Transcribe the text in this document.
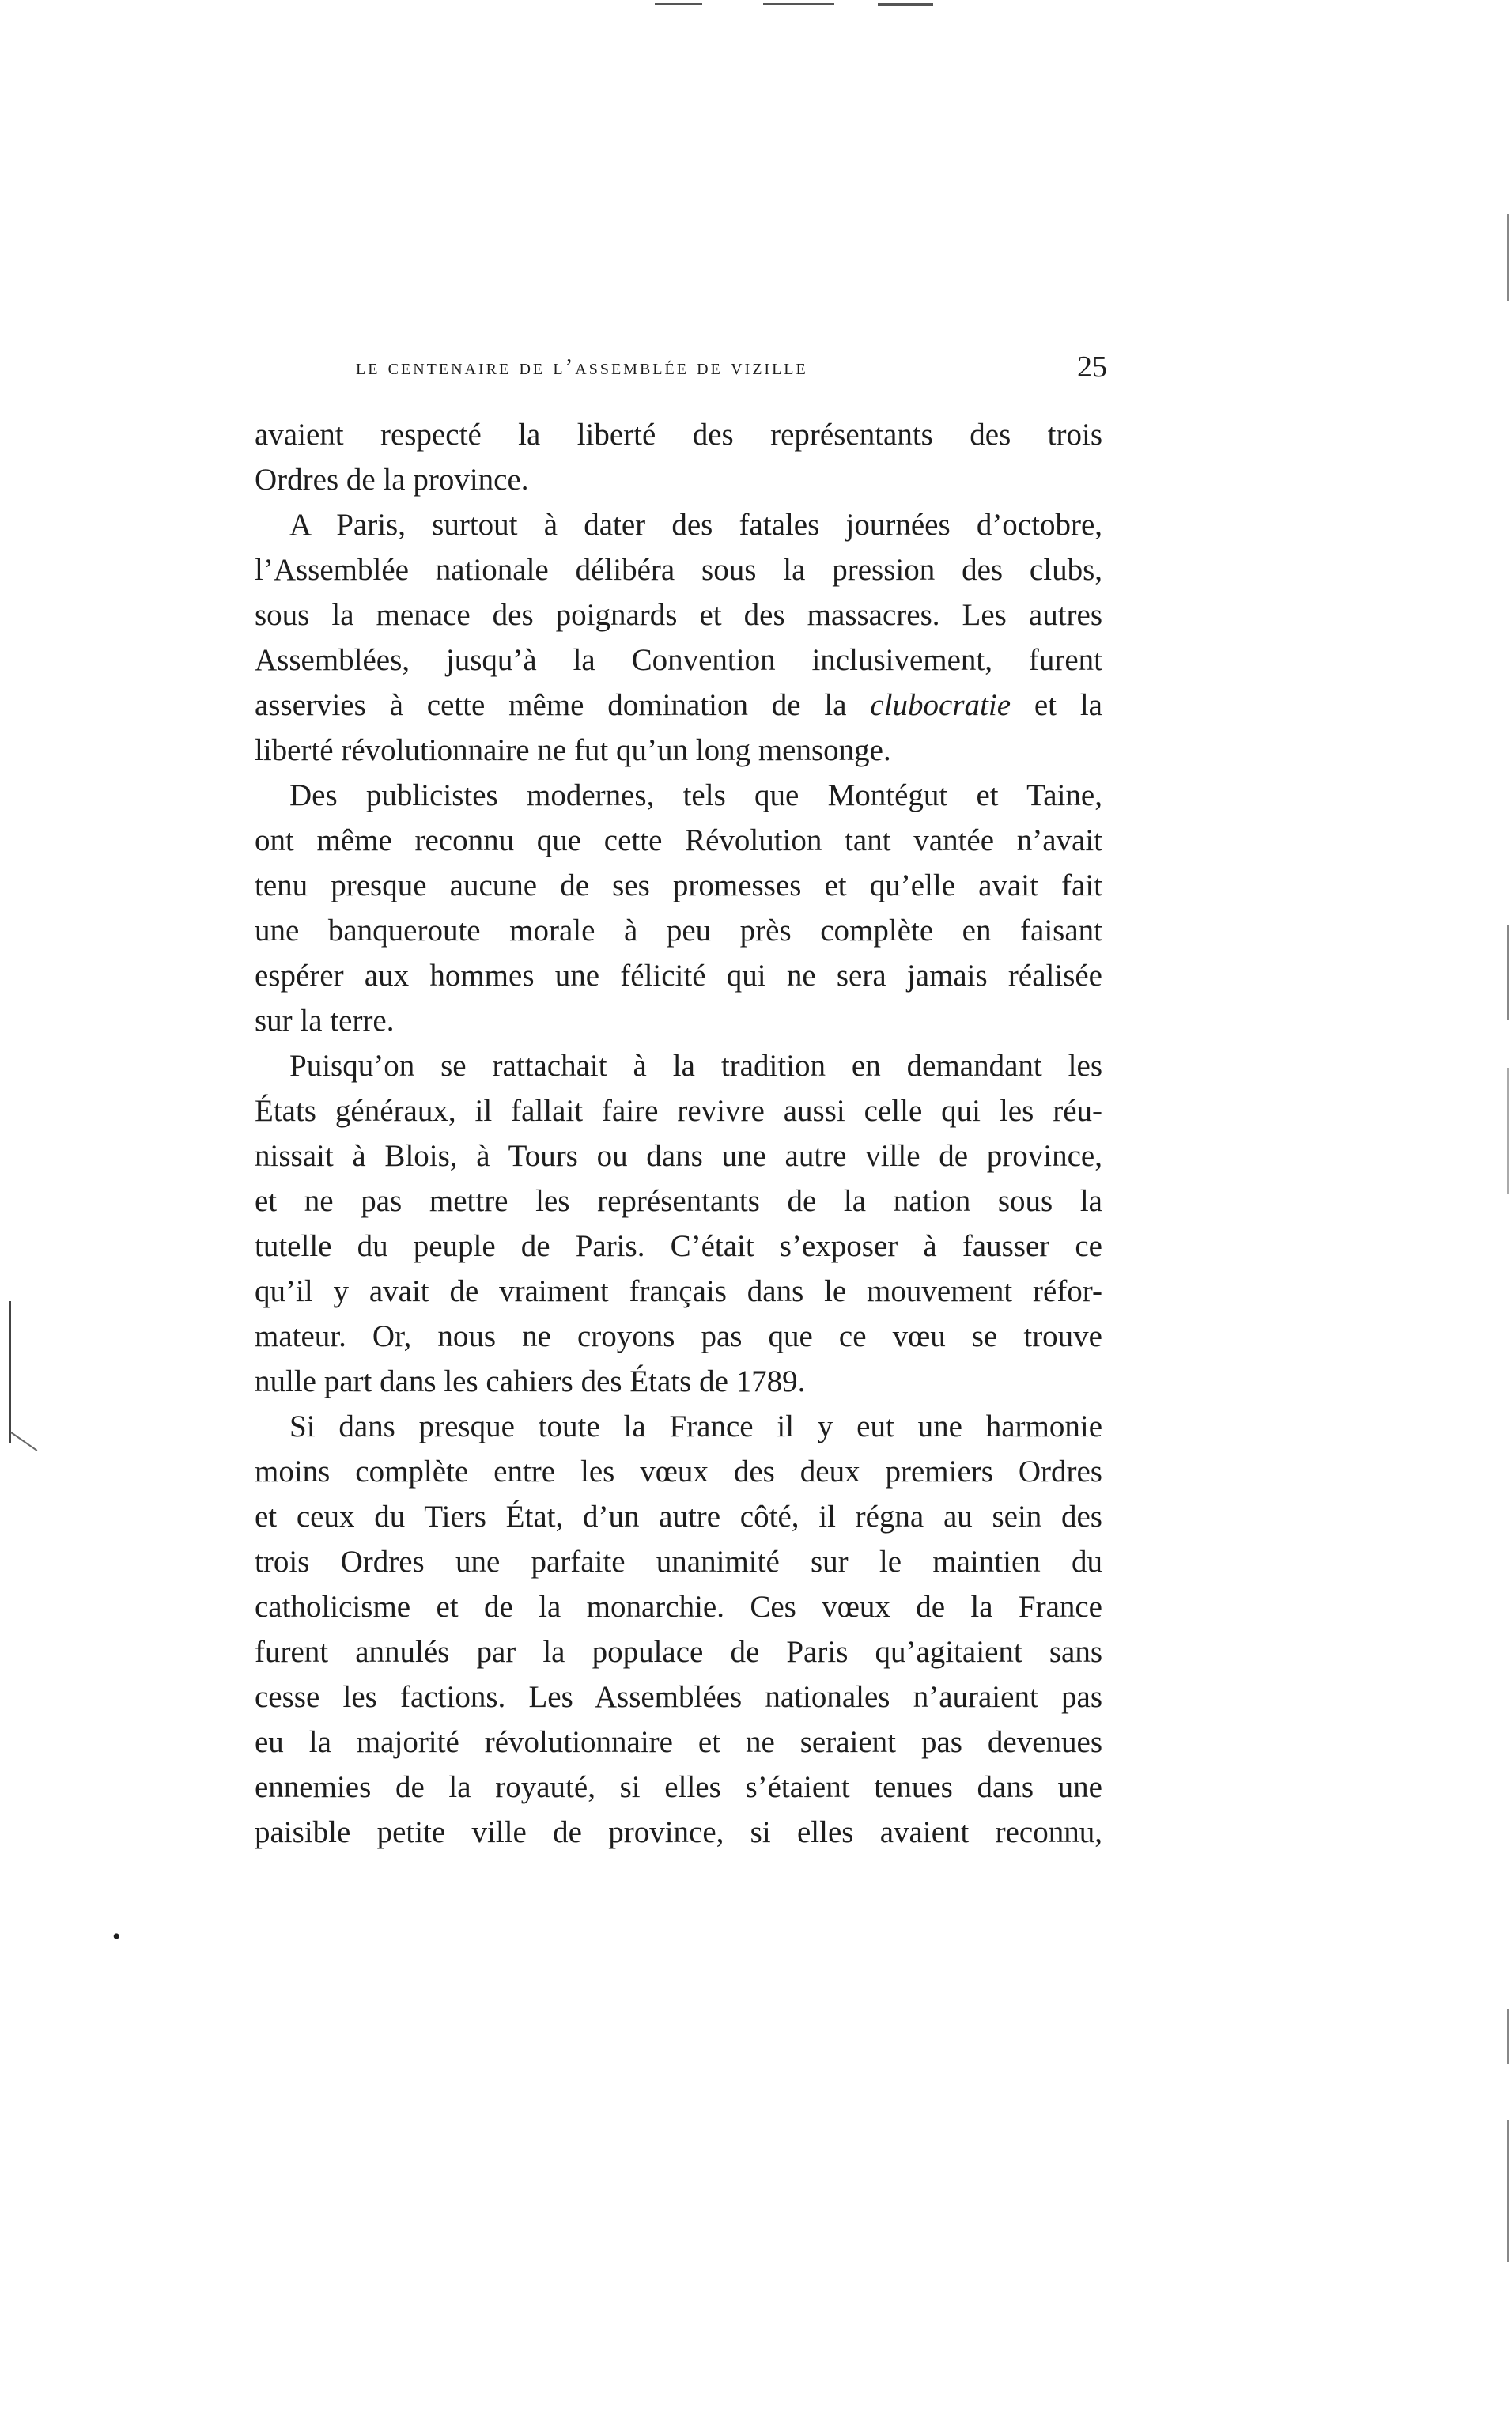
le centenaire de l’assemblée de vizille	25
avaient respecté la liberté des représentants des trois
Ordres de la province.
A Paris, surtout à dater des fatales journées d’octobre,
l’Assemblée nationale délibéra sous la pression des clubs,
sous la menace des poignards et des massacres. Les autres
Assemblées, jusqu’à la Convention inclusivement, furent
asservies à cette même domination de la clubocratie et la
liberté révolutionnaire ne fut qu’un long mensonge.
Des publicistes modernes, tels que Montégut et Taine,
ont même reconnu que cette Révolution tant vantée n’avait
tenu presque aucune de ses promesses et qu’elle avait fait
une banqueroute morale à peu près complète en faisant
espérer aux hommes une félicité qui ne sera jamais réalisée
sur la terre.
Puisqu’on se rattachait à la tradition en demandant les
États généraux, il fallait faire revivre aussi celle qui les réu-
nissait à Blois, à Tours ou dans une autre ville de province,
et ne pas mettre les représentants de la nation sous la
tutelle du peuple de Paris. C’était s’exposer à fausser ce
qu’il y avait de vraiment français dans le mouvement réfor-
mateur. Or, nous ne croyons pas que ce vœu se trouve
nulle part dans les cahiers des États de 1789.
Si dans presque toute la France il y eut une harmonie
moins complète entre les vœux des deux premiers Ordres
et ceux du Tiers État, d’un autre côté, il régna au sein des
trois Ordres une parfaite unanimité sur le maintien du
catholicisme et de la monarchie. Ces vœux de la France
furent annulés par la populace de Paris qu’agitaient sans
cesse les factions. Les Assemblées nationales n’auraient pas
eu la majorité révolutionnaire et ne seraient pas devenues
ennemies de la royauté, si elles s’étaient tenues dans une
paisible petite ville de province, si elles avaient reconnu,
•
